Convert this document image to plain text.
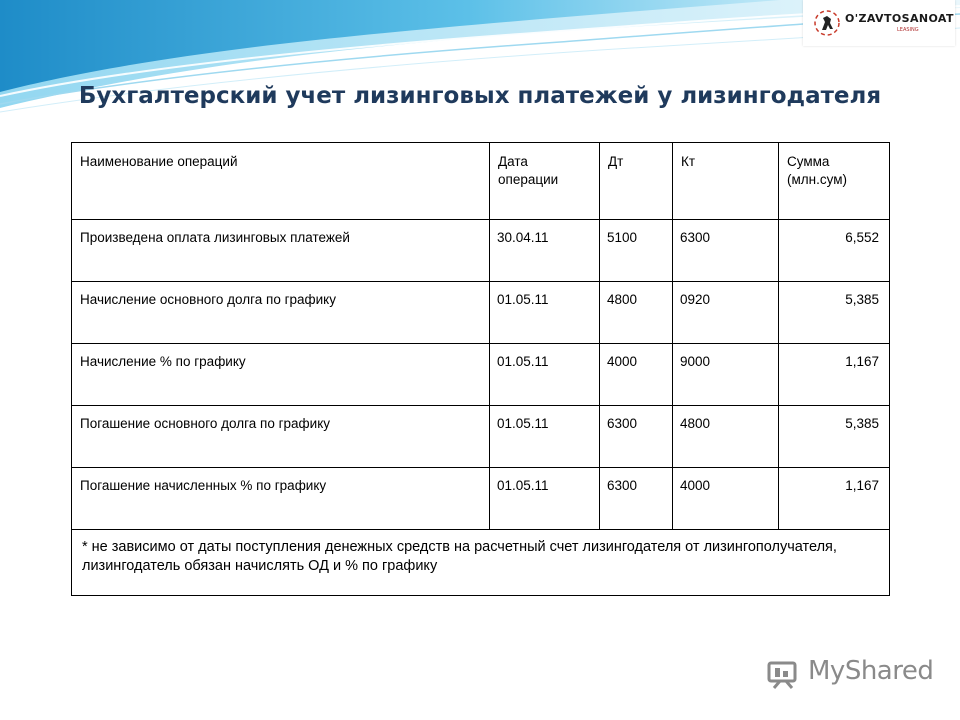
O'ZAVTOSANOAT
LEASING
Бухгалтерский учет лизинговых платежей у лизингодателя
Наименование операций	Дата операции	Дт	Кт	Сумма (млн.сум)
Произведена оплата лизинговых платежей	30.04.11	5100	6300	6,552
Начисление основного долга по графику	01.05.11	4800	0920	5,385
Начисление % по графику	01.05.11	4000	9000	1,167
Погашение основного долга по графику	01.05.11	6300	4800	5,385
Погашение начисленных % по графику	01.05.11	6300	4000	1,167
* не зависимо от даты поступления денежных средств на расчетный счет лизингодателя от лизингополучателя, лизингодатель обязан начислять ОД и % по графику				
MyShared
